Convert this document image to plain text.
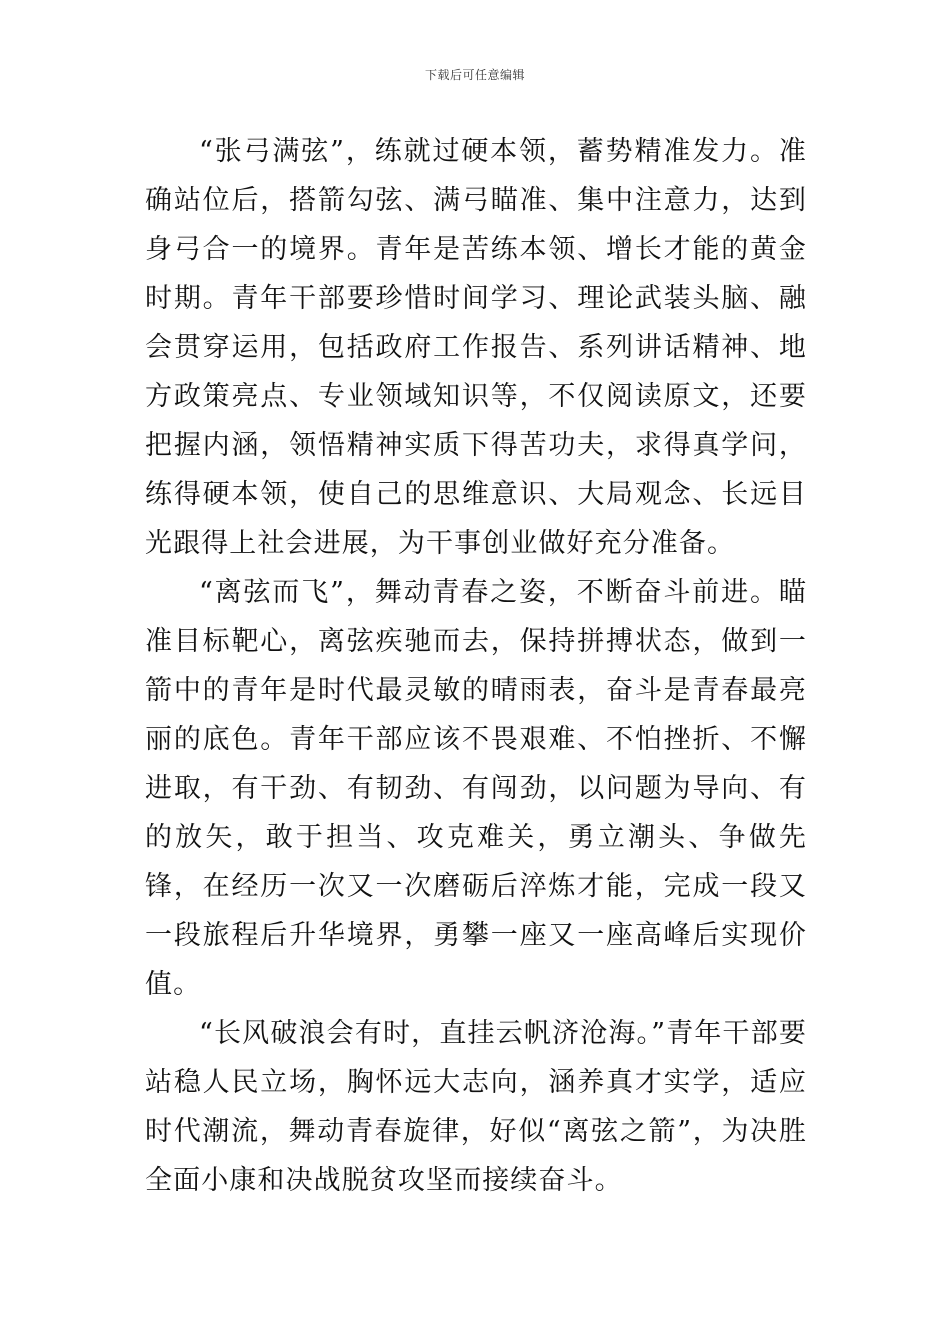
下载后可任意编辑

“张弓满弦”，练就过硬本领，蓄势精准发力。准确站位后，搭箭勾弦、满弓瞄准、集中注意力，达到身弓合一的境界。青年是苦练本领、增长才能的黄金时期。青年干部要珍惜时间学习、理论武装头脑、融会贯穿运用，包括政府工作报告、系列讲话精神、地方政策亮点、专业领域知识等，不仅阅读原文，还要把握内涵，领悟精神实质下得苦功夫，求得真学问，练得硬本领，使自己的思维意识、大局观念、长远目光跟得上社会进展，为干事创业做好充分准备。

“离弦而飞”，舞动青春之姿，不断奋斗前进。瞄准目标靶心，离弦疾驰而去，保持拼搏状态，做到一箭中的青年是时代最灵敏的晴雨表，奋斗是青春最亮丽的底色。青年干部应该不畏艰难、不怕挫折、不懈进取，有干劲、有韧劲、有闯劲，以问题为导向、有的放矢，敢于担当、攻克难关，勇立潮头、争做先锋，在经历一次又一次磨砺后淬炼才能，完成一段又一段旅程后升华境界，勇攀一座又一座高峰后实现价值。

“长风破浪会有时，直挂云帆济沧海。”青年干部要站稳人民立场，胸怀远大志向，涵养真才实学，适应时代潮流，舞动青春旋律，好似“离弦之箭”，为决胜全面小康和决战脱贫攻坚而接续奋斗。
